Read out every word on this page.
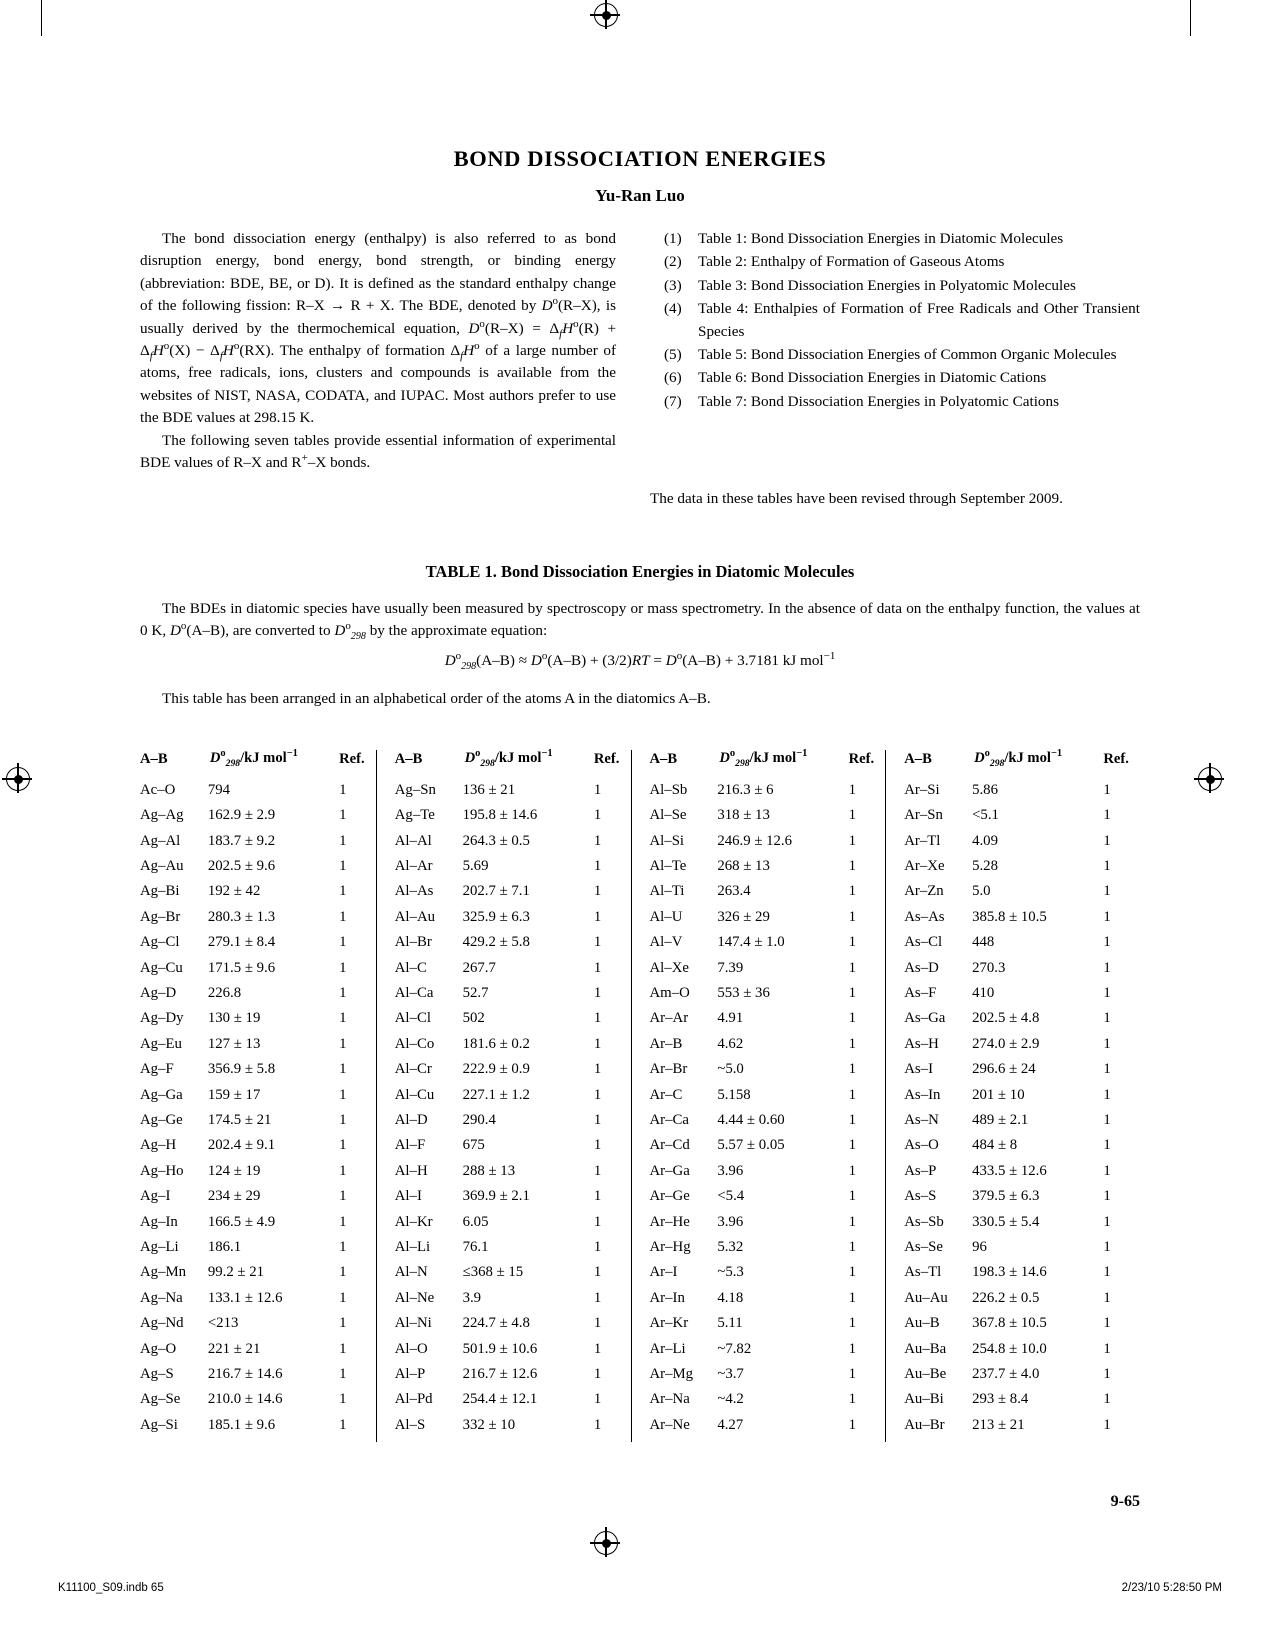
BOND DISSOCIATION ENERGIES
Yu-Ran Luo

The bond dissociation energy (enthalpy) is also referred to as bond disruption energy, bond energy, bond strength, or binding energy (abbreviation: BDE, BE, or D). It is defined as the standard enthalpy change of the following fission: R–X → R + X. The BDE, denoted by $D^o(R-X)$, is usually derived by the thermochemical equation, $D^o(R-X) = \Delta_fH^o(R) + \Delta_fH^o(X) - \Delta_fH^o(RX)$. The enthalpy of formation $\Delta_fH^o$ of a large number of atoms, free radicals, ions, clusters and compounds is available from the websites of NIST, NASA, CODATA, and IUPAC. Most authors prefer to use the BDE values at 298.15 K.

The following seven tables provide essential information of experimental BDE values of R–X and R+–X bonds.

(1)	Table 1: Bond Dissociation Energies in Diatomic Molecules
(2)	Table 2: Enthalpy of Formation of Gaseous Atoms
(3)	Table 3: Bond Dissociation Energies in Polyatomic Molecules
(4)	Table 4: Enthalpies of Formation of Free Radicals and Other Transient Species
(5)	Table 5: Bond Dissociation Energies of Common Organic Molecules
(6)	Table 6: Bond Dissociation Energies in Diatomic Cations
(7)	Table 7: Bond Dissociation Energies in Polyatomic Cations
The data in these tables have been revised through September 2009.
TABLE 1. Bond Dissociation Energies in Diatomic Molecules
The BDEs in diatomic species have usually been measured by spectroscopy or mass spectrometry. In the absence of data on the enthalpy function, the values at 0 K, $D^o(A-B)$, are converted to $D^o_{298}$ by the approximate equation:
$D^o_{298}(A-B) \approx D^o(A-B) + (3/2)RT = D^o(A-B) + 3.7181$ kJ mol$^{-1}$
This table has been arranged in an alphabetical order of the atoms A in the diatomics A–B.
A–B	$D^o_{298}/kJ$ mol$^{-1}$	Ref.
Ac–O	794	1
Ag–Ag	162.9 ± 2.9	1
Ag–Al	183.7 ± 9.2	1
Ag–Au	202.5 ± 9.6	1
Ag–Bi	192 ± 42	1
Ag–Br	280.3 ± 1.3	1
Ag–Cl	279.1 ± 8.4	1
Ag–Cu	171.5 ± 9.6	1
Ag–D	226.8	1
Ag–Dy	130 ± 19	1
Ag–Eu	127 ± 13	1
Ag–F	356.9 ± 5.8	1
Ag–Ga	159 ± 17	1
Ag–Ge	174.5 ± 21	1
Ag–H	202.4 ± 9.1	1
Ag–Ho	124 ± 19	1
Ag–I	234 ± 29	1
Ag–In	166.5 ± 4.9	1
Ag–Li	186.1	1
Ag–Mn	99.2 ± 21	1
Ag–Na	133.1 ± 12.6	1
Ag–Nd	<213	1
Ag–O	221 ± 21	1
Ag–S	216.7 ± 14.6	1
Ag–Se	210.0 ± 14.6	1
Ag–Si	185.1 ± 9.6	1
A–B	$D^o_{298}/kJ$ mol$^{-1}$	Ref.
Ag–Sn	136 ± 21	1
Ag–Te	195.8 ± 14.6	1
Al–Al	264.3 ± 0.5	1
Al–Ar	5.69	1
Al–As	202.7 ± 7.1	1
Al–Au	325.9 ± 6.3	1
Al–Br	429.2 ± 5.8	1
Al–C	267.7	1
Al–Ca	52.7	1
Al–Cl	502	1
Al–Co	181.6 ± 0.2	1
Al–Cr	222.9 ± 0.9	1
Al–Cu	227.1 ± 1.2	1
Al–D	290.4	1
Al–F	675	1
Al–H	288 ± 13	1
Al–I	369.9 ± 2.1	1
Al–Kr	6.05	1
Al–Li	76.1	1
Al–N	≤368 ± 15	1
Al–Ne	3.9	1
Al–Ni	224.7 ± 4.8	1
Al–O	501.9 ± 10.6	1
Al–P	216.7 ± 12.6	1
Al–Pd	254.4 ± 12.1	1
Al–S	332 ± 10	1
A–B	$D^o_{298}/kJ$ mol$^{-1}$	Ref.
Al–Sb	216.3 ± 6	1
Al–Se	318 ± 13	1
Al–Si	246.9 ± 12.6	1
Al–Te	268 ± 13	1
Al–Ti	263.4	1
Al–U	326 ± 29	1
Al–V	147.4 ± 1.0	1
Al–Xe	7.39	1
Am–O	553 ± 36	1
Ar–Ar	4.91	1
Ar–B	4.62	1
Ar–Br	~5.0	1
Ar–C	5.158	1
Ar–Ca	4.44 ± 0.60	1
Ar–Cd	5.57 ± 0.05	1
Ar–Ga	3.96	1
Ar–Ge	<5.4	1
Ar–He	3.96	1
Ar–Hg	5.32	1
Ar–I	~5.3	1
Ar–In	4.18	1
Ar–Kr	5.11	1
Ar–Li	~7.82	1
Ar–Mg	~3.7	1
Ar–Na	~4.2	1
Ar–Ne	4.27	1
A–B	$D^o_{298}/kJ$ mol$^{-1}$	Ref.
Ar–Si	5.86	1
Ar–Sn	<5.1	1
Ar–Tl	4.09	1
Ar–Xe	5.28	1
Ar–Zn	5.0	1
As–As	385.8 ± 10.5	1
As–Cl	448	1
As–D	270.3	1
As–F	410	1
As–Ga	202.5 ± 4.8	1
As–H	274.0 ± 2.9	1
As–I	296.6 ± 24	1
As–In	201 ± 10	1
As–N	489 ± 2.1	1
As–O	484 ± 8	1
As–P	433.5 ± 12.6	1
As–S	379.5 ± 6.3	1
As–Sb	330.5 ± 5.4	1
As–Se	96	1
As–Tl	198.3 ± 14.6	1
Au–Au	226.2 ± 0.5	1
Au–B	367.8 ± 10.5	1
Au–Ba	254.8 ± 10.0	1
Au–Be	237.7 ± 4.0	1
Au–Bi	293 ± 8.4	1
Au–Br	213 ± 21	1
9-65
K11100_S09.indb 65	2/23/10 5:28:50 PM
